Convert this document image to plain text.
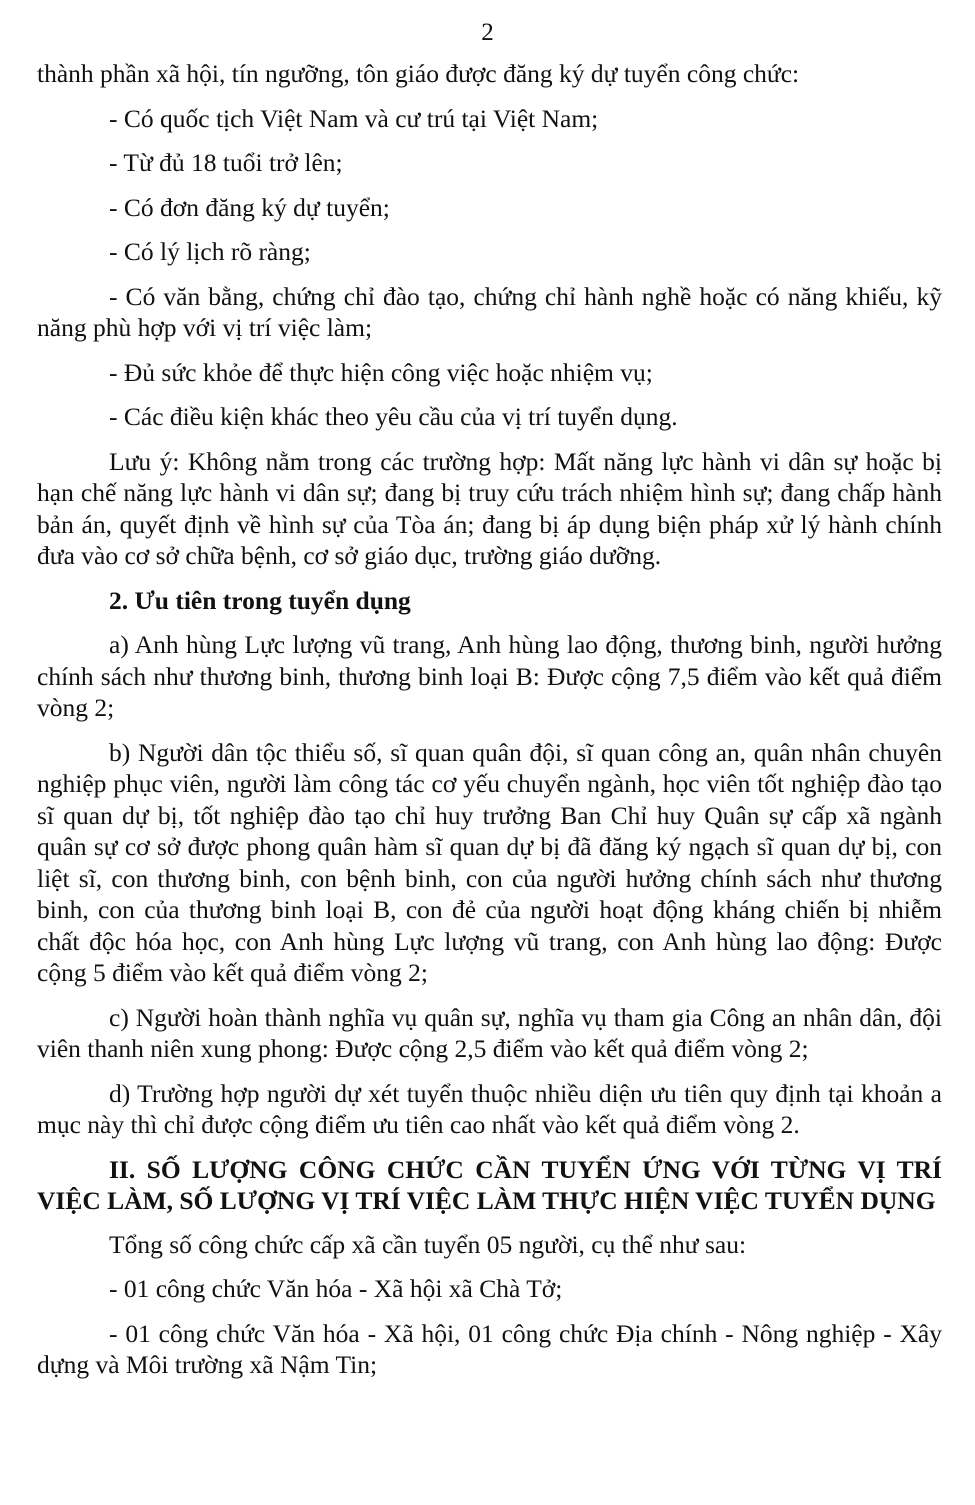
2

thành phần xã hội, tín ngưỡng, tôn giáo được đăng ký dự tuyển công chức:

- Có quốc tịch Việt Nam và cư trú tại Việt Nam;

- Từ đủ 18 tuổi trở lên;

- Có đơn đăng ký dự tuyển;

- Có lý lịch rõ ràng;

- Có văn bằng, chứng chỉ đào tạo, chứng chỉ hành nghề hoặc có năng khiếu, kỹ năng phù hợp với vị trí việc làm;

- Đủ sức khỏe để thực hiện công việc hoặc nhiệm vụ;

- Các điều kiện khác theo yêu cầu của vị trí tuyển dụng.

Lưu ý: Không nằm trong các trường hợp: Mất năng lực hành vi dân sự hoặc bị hạn chế năng lực hành vi dân sự; đang bị truy cứu trách nhiệm hình sự; đang chấp hành bản án, quyết định về hình sự của Tòa án; đang bị áp dụng biện pháp xử lý hành chính đưa vào cơ sở chữa bệnh, cơ sở giáo dục, trường giáo dưỡng.

2. Ưu tiên trong tuyển dụng

a) Anh hùng Lực lượng vũ trang, Anh hùng lao động, thương binh, người hưởng chính sách như thương binh, thương binh loại B: Được cộng 7,5 điểm vào kết quả điểm vòng 2;

b) Người dân tộc thiểu số, sĩ quan quân đội, sĩ quan công an, quân nhân chuyên nghiệp phục viên, người làm công tác cơ yếu chuyển ngành, học viên tốt nghiệp đào tạo sĩ quan dự bị, tốt nghiệp đào tạo chỉ huy trưởng Ban Chỉ huy Quân sự cấp xã ngành quân sự cơ sở được phong quân hàm sĩ quan dự bị đã đăng ký ngạch sĩ quan dự bị, con liệt sĩ, con thương binh, con bệnh binh, con của người hưởng chính sách như thương binh, con của thương binh loại B, con đẻ của người hoạt động kháng chiến bị nhiễm chất độc hóa học, con Anh hùng Lực lượng vũ trang, con Anh hùng lao động: Được cộng 5 điểm vào kết quả điểm vòng 2;

c) Người hoàn thành nghĩa vụ quân sự, nghĩa vụ tham gia Công an nhân dân, đội viên thanh niên xung phong: Được cộng 2,5 điểm vào kết quả điểm vòng 2;

d) Trường hợp người dự xét tuyển thuộc nhiều diện ưu tiên quy định tại khoản a mục này thì chỉ được cộng điểm ưu tiên cao nhất vào kết quả điểm vòng 2.

II. SỐ LƯỢNG CÔNG CHỨC CẦN TUYỂN ỨNG VỚI TỪNG VỊ TRÍ VIỆC LÀM, SỐ LƯỢNG VỊ TRÍ VIỆC LÀM THỰC HIỆN VIỆC TUYỂN DỤNG

Tổng số công chức cấp xã cần tuyển 05 người, cụ thể như sau:

- 01 công chức Văn hóa - Xã hội xã Chà Tở;

- 01 công chức Văn hóa - Xã hội, 01 công chức Địa chính - Nông nghiệp - Xây dựng và Môi trường xã Nậm Tin;
